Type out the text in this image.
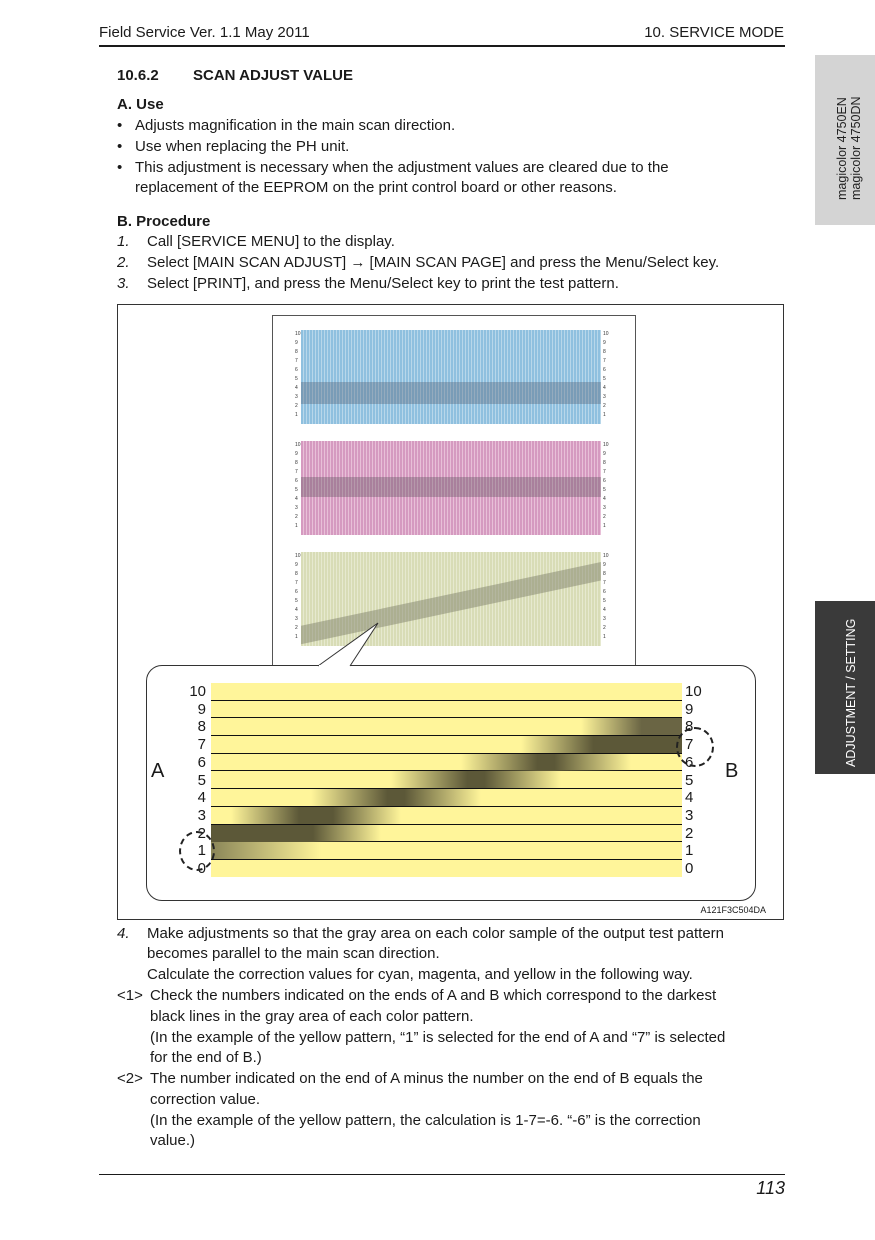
Field Service Ver. 1.1 May 2011	10. SERVICE MODE
magicolor 4750EN magicolor 4750DN
ADJUSTMENT / SETTING
10.6.2 SCAN ADJUST VALUE
A. Use
• Adjusts magnification in the main scan direction.
• Use when replacing the PH unit.
• This adjustment is necessary when the adjustment values are cleared due to the
replacement of the EEPROM on the print control board or other reasons.
B. Procedure
1. Call [SERVICE MENU] to the display.
2. Select [MAIN SCAN ADJUST] → [MAIN SCAN PAGE] and press the Menu/Select key.
3. Select [PRINT], and press the Menu/Select key to print the test pattern.
10
9
8
7
6
5
4
3
2
1
10
9
8
7
6
5
4
3
2
1
10
9
8
7
6
5
4
3
2
1
10
9
8
7
6
5
4
3
2
1
10
9
8
7
6
5
4
3
2
1
10
9
8
7
6
5
4
3
2
1
10
9
8
7
6
5
4
3
2
1
0
10
9
8
7
6
5
4
3
2
1
0
A	B
A121F3C504DA
4. Make adjustments so that the gray area on each color sample of the output test pattern
becomes parallel to the main scan direction.
Calculate the correction values for cyan, magenta, and yellow in the following way.
<1> Check the numbers indicated on the ends of A and B which correspond to the darkest
black lines in the gray area of each color pattern.
(In the example of the yellow pattern, “1” is selected for the end of A and “7” is selected
for the end of B.)
<2> The number indicated on the end of A minus the number on the end of B equals the
correction value.
(In the example of the yellow pattern, the calculation is 1-7=-6. “-6” is the correction
value.)
113
